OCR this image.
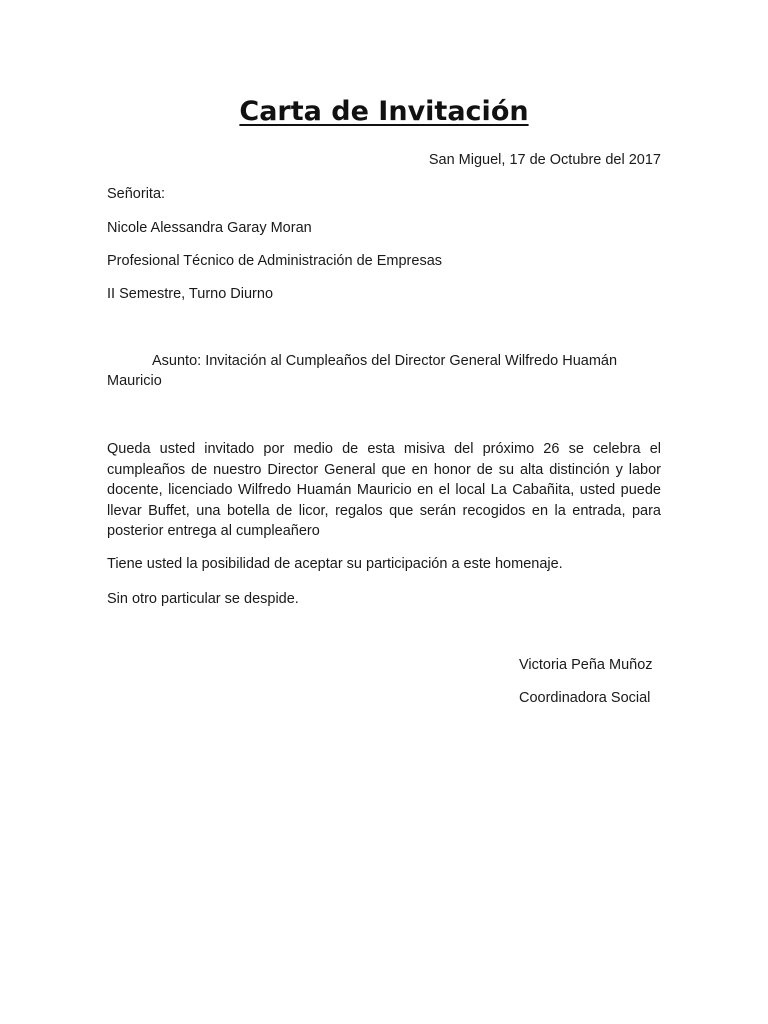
Carta de Invitación
San Miguel, 17 de Octubre del 2017
Señorita:
Nicole Alessandra Garay Moran
Profesional Técnico de Administración de Empresas
II Semestre, Turno Diurno
Asunto: Invitación al Cumpleaños del Director General Wilfredo Huamán Mauricio
Queda usted invitado por medio de esta misiva del próximo 26 se celebra el cumpleaños de nuestro Director General que en honor de su alta distinción y labor docente, licenciado Wilfredo Huamán Mauricio en el local La Cabañita, usted puede llevar Buffet, una botella de licor, regalos que serán recogidos en la entrada, para posterior entrega al cumpleañero
Tiene usted la posibilidad de aceptar su participación a este homenaje.
Sin otro particular se despide.
Victoria Peña Muñoz
Coordinadora Social
